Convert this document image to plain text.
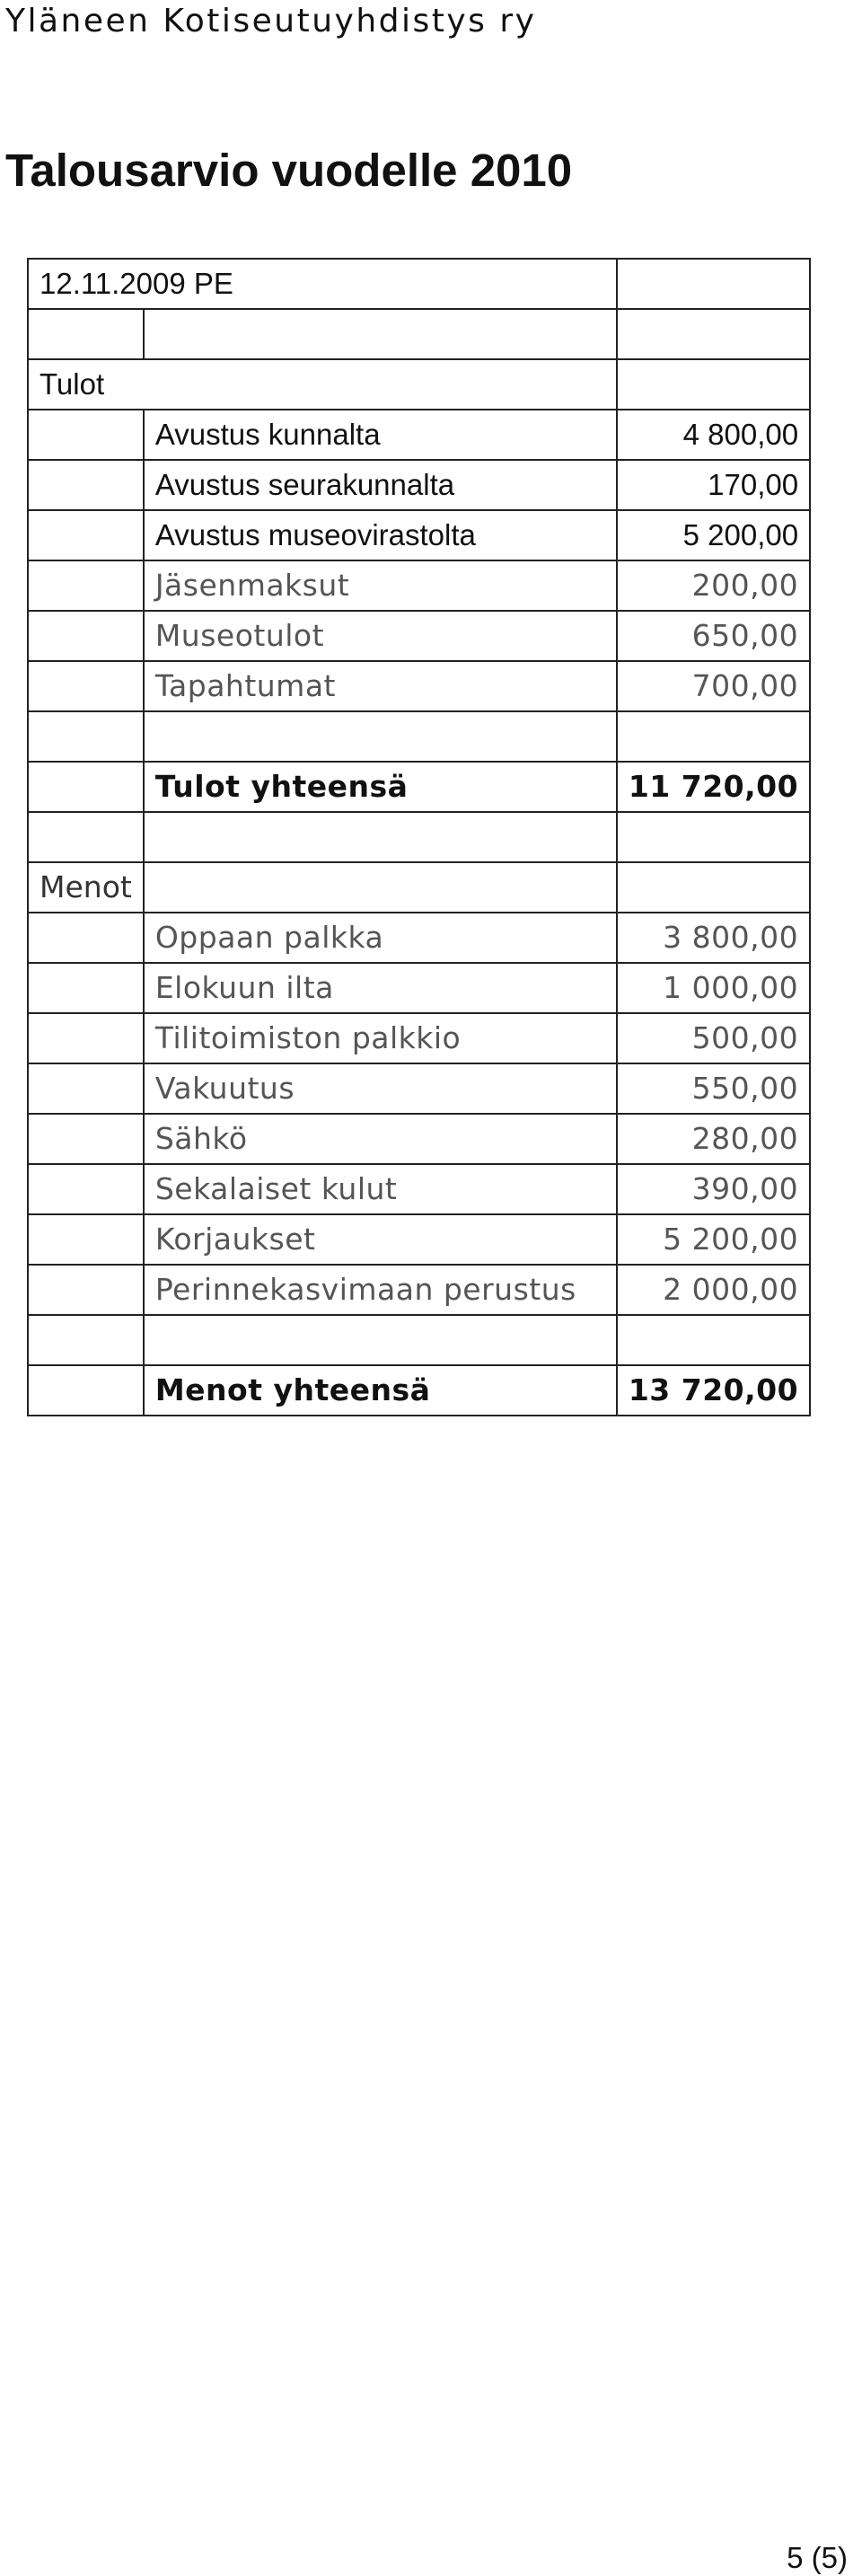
Yläneen Kotiseutuyhdistys ry
Talousarvio vuodelle 2010
12.11.2009 PE		

Tulot		
	Avustus kunnalta	4 800,00
	Avustus seurakunnalta	170,00
	Avustus museovirastolta	5 200,00
	Jäsenmaksut	200,00
	Museotulot	650,00
	Tapahtumat	700,00

	Tulot yhteensä	11 720,00

Menot		
	Oppaan palkka	3 800,00
	Elokuun ilta	1 000,00
	Tilitoimiston palkkio	500,00
	Vakuutus	550,00
	Sähkö	280,00
	Sekalaiset kulut	390,00
	Korjaukset	5 200,00
	Perinnekasvimaan perustus	2 000,00

	Menot yhteensä	13 720,00
5 (5)
